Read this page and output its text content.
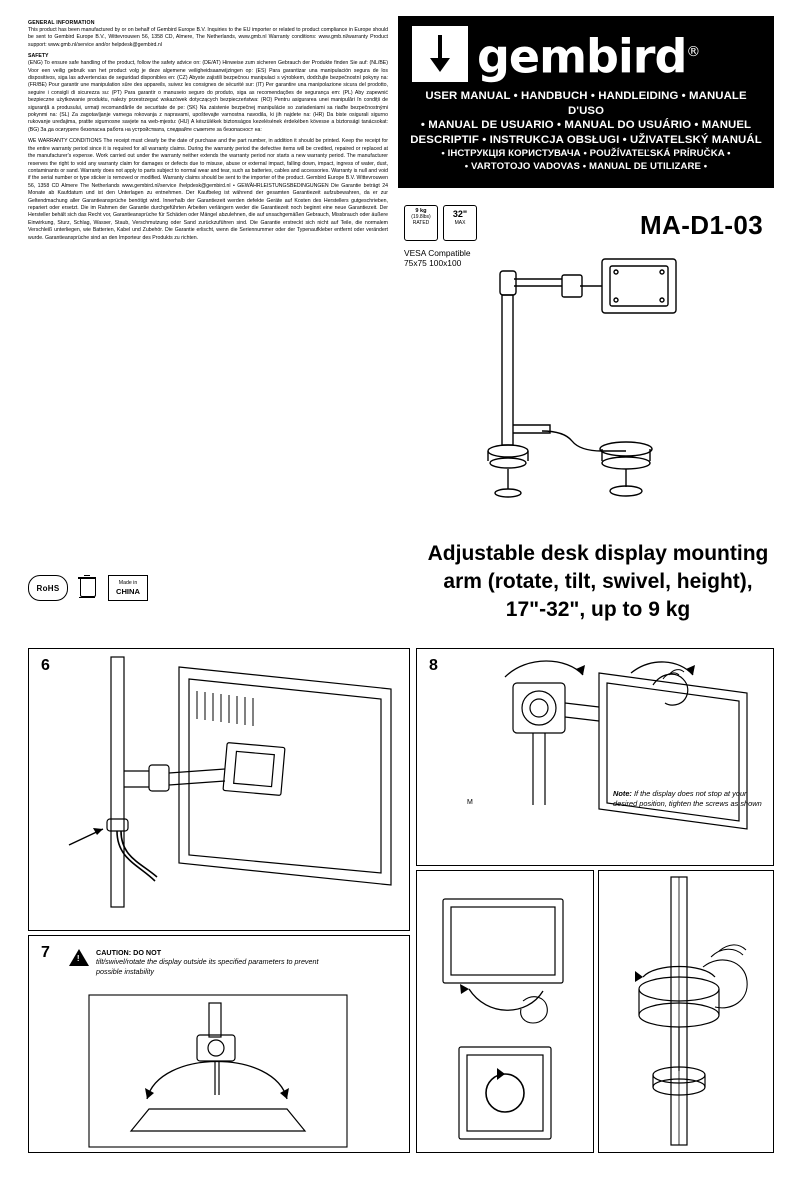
GENERAL INFORMATION

This product has been manufactured by or on behalf of Gembird Europe B.V. Inquiries to the EU importer or related to product compliance in Europe should be sent to Gembird Europe B.V., Wittevrouwen 56, 1358 CD, Almere, The Netherlands, www.gmb.nl Warranty conditions: www.gmb.nl/warranty Product support: www.gmb.nl/service and/or helpdesk@gembird.nl

SAFETY

(ENG) To ensure safe handling of the product, follow the safety advice on: (DE/AT) Hinweise zum sicheren Gebrauch der Produkte finden Sie auf: (NL/BE) Voor een veilig gebruik van het product volg je deze algemene veiligheidsaanwijzingen op: (ES) Para garantizar una manipulación segura de los dispositivos, siga las advertencias de seguridad disponibles en: (CZ) Abyste zajistili bezpečnou manipulaci s výrobkem, dodržujte bezpečnostní pokyny na: (FR/BE) Pour garantir une manipulation sûre des appareils, suivez les consignes de sécurité sur: (IT) Per garantire una manipolazione sicura del prodotto, seguire i consigli di sicurezza su: (PT) Para garantir o manuseio seguro do produto, siga as recomendações de segurança em: (PL) Aby zapewnić bezpieczne użytkowanie produktu, należy przestrzegać wskazówek dotyczących bezpieczeństwa: (RO) Pentru asigurarea unei manipulări în condiții de siguranță a produsului, urmați recomandările de securitate de pe: (SK) Na zaistenie bezpečnej manipulácie so zariadeniami sa riaďte bezpečnostnými pokynmi na: (SL) Za zagotavljanje varnega rokovanja z napravami, upoštevajte varnostna navodila, ki jih najdete na: (HR) Da biste osigurali sigurno rukovanje uređajima, pratite sigurnosne savjete na web-mjestu: (HU) A készülékek biztonságos kezelésének érdekében kövesse a biztonsági tanácsokat: (BG) За да осигурите безопасна работа на устройствата, следвайте съветите за безопасност на:

WE WARRANTY CONDITIONS The receipt must clearly be the date of purchase and the part number, in addition it should be printed. Keep the receipt for the entire warranty period since it is required for all warranty claims. During the warranty period the defective items will be credited, repaired or replaced at the manufacturer's expense. Work carried out under the warranty neither extends the warranty period nor starts a new warranty period. The manufacturer reserves the right to void any warranty claim for damages or defects due to misuse, abuse or external impact, falling down, impact, ingress of water, dust, contaminants or sand. Warranty does not apply to parts subject to normal wear and tear, such as batteries, cables and accessories. Warranty is null and void if the serial number or type sticker is removed or modified. Warranty claims should be sent to the importer of the product. Gembird Europe B.V. Wittevrouwen 56, 1358 CD Almere The Netherlands www.gembird.nl/service /helpdesk@gembird.nl • GEWÄHRLEISTUNGSBEDINGUNGEN Die Garantie beträgt 24 Monate ab Kaufdatum und ist den Unterlagen zu entnehmen. Der Kaufbeleg ist während der gesamten Garantiezeit aufzubewahren, da er zur Geltendmachung aller Garantieansprüche benötigt wird. Innerhalb der Garantiezeit werden defekte Geräte auf Kosten des Herstellers gutgeschrieben, repariert oder ersetzt. Die im Rahmen der Garantie durchgeführten Arbeiten verlängern weder die Garantiezeit noch beginnt eine neue Garantiezeit. Der Hersteller behält sich das Recht vor, Garantieansprüche für Schäden oder Mängel abzulehnen, die auf unsachgemäßen Gebrauch, Missbrauch oder äußere Einwirkung, Sturz, Schlag, Wasser, Staub, Verschmutzung oder Sand zurückzuführen sind. Die Garantie erstreckt sich nicht auf Teile, die normalem Verschleiß unterliegen, wie Batterien, Kabel und Zubehör. Die Garantie erlischt, wenn die Seriennummer oder der Typenaufkleber entfernt oder verändert wurde. Garantieansprüche sind an den Importeur des Produkts zu richten.

RoHS
Made in
CHINA
gembird®
USER MANUAL • HANDBUCH • HANDLEIDING • MANUALE D'USO
• MANUAL DE USUARIO • MANUAL DO USUÁRIO • MANUEL
DESCRIPTIF • INSTRUKCJA OBSŁUGI • UŽIVATELSKÝ MANUÁL
• ІНСТРУКЦІЯ КОРИСТУВАЧА • POUŽÍVATEĽSKÁ PRÍRUČKA •
• VARTOTOJO VADOVAS • MANUAL DE UTILIZARE •
9 kg
(19.8lbs) RATED
32"
MAX
VESA Compatible
75x75 100x100
MA-D1-03
Adjustable desk display mounting arm (rotate, tilt, swivel, height), 17"-32", up to 9 kg
6
7 !	CAUTION: DO NOT
tilt/swivel/rotate the display outside its specified parameters to prevent possible instability
8
M
Note: If the display does not stop at your desired position, tighten the screws as shown
